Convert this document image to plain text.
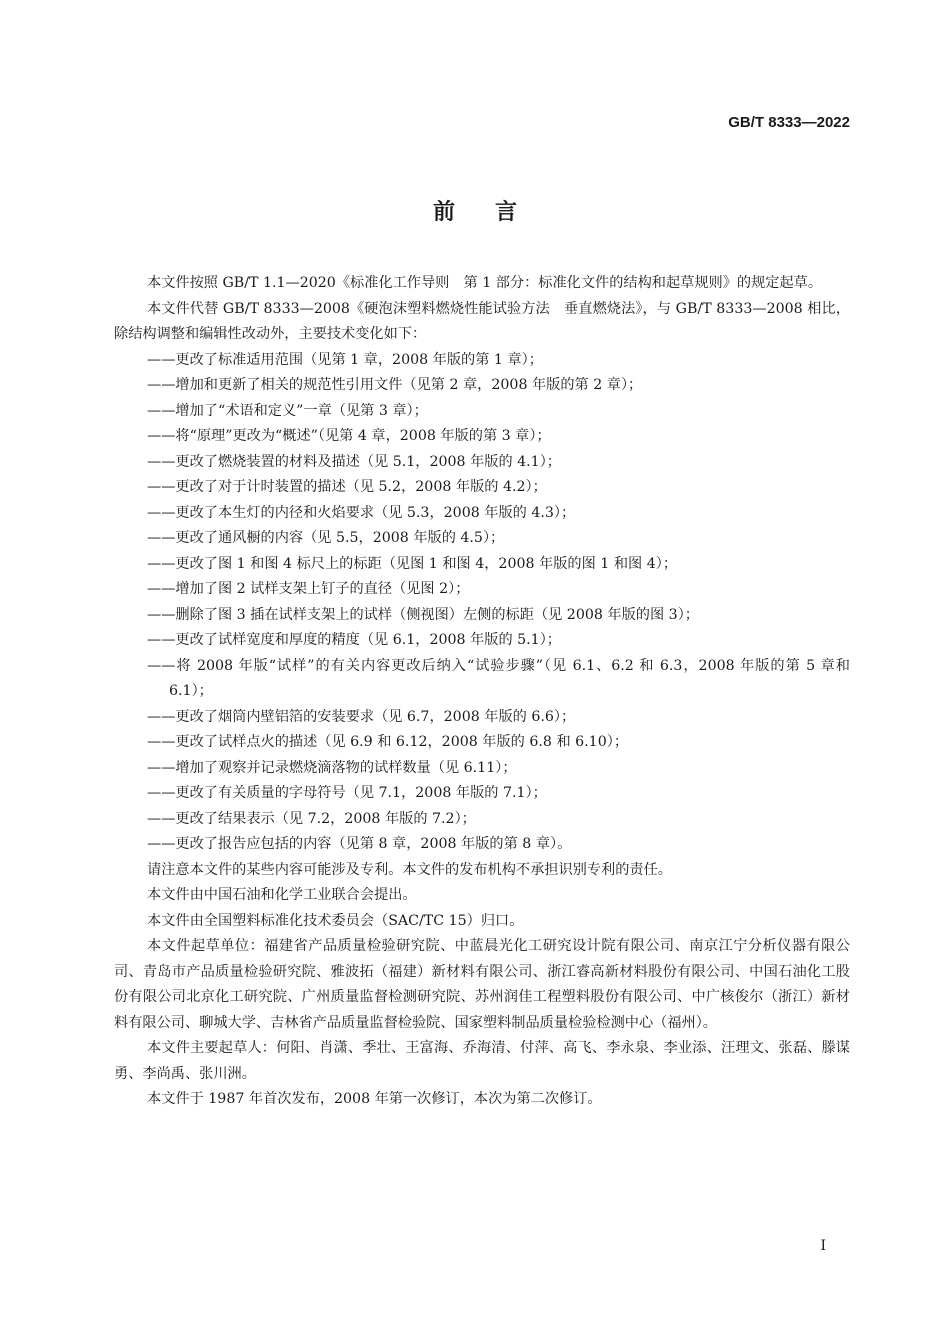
GB/T 8333—2022
前言

本文件按照 GB/T 1.1—2020《标准化工作导则　第 1 部分：标准化文件的结构和起草规则》的规定起草。

本文件代替 GB/T 8333—2008《硬泡沫塑料燃烧性能试验方法　垂直燃烧法》，与 GB/T 8333—2008 相比，除结构调整和编辑性改动外，主要技术变化如下：

——更改了标准适用范围（见第 1 章，2008 年版的第 1 章）；

——增加和更新了相关的规范性引用文件（见第 2 章，2008 年版的第 2 章）；

——增加了“术语和定义”一章（见第 3 章）；

——将“原理”更改为“概述”（见第 4 章，2008 年版的第 3 章）；

——更改了燃烧装置的材料及描述（见 5.1，2008 年版的 4.1）；

——更改了对于计时装置的描述（见 5.2，2008 年版的 4.2）；

——更改了本生灯的内径和火焰要求（见 5.3，2008 年版的 4.3）；

——更改了通风橱的内容（见 5.5，2008 年版的 4.5）；

——更改了图 1 和图 4 标尺上的标距（见图 1 和图 4，2008 年版的图 1 和图 4）；

——增加了图 2 试样支架上钉子的直径（见图 2）；

——删除了图 3 插在试样支架上的试样（侧视图）左侧的标距（见 2008 年版的图 3）；

——更改了试样宽度和厚度的精度（见 6.1，2008 年版的 5.1）；

——将 2008 年版“试样”的有关内容更改后纳入“试验步骤”（见 6.1、6.2 和 6.3，2008 年版的第 5 章和 6.1）；

——更改了烟筒内壁铝箔的安装要求（见 6.7，2008 年版的 6.6）；

——更改了试样点火的描述（见 6.9 和 6.12，2008 年版的 6.8 和 6.10）；

——增加了观察并记录燃烧滴落物的试样数量（见 6.11）；

——更改了有关质量的字母符号（见 7.1，2008 年版的 7.1）；

——更改了结果表示（见 7.2，2008 年版的 7.2）；

——更改了报告应包括的内容（见第 8 章，2008 年版的第 8 章）。

请注意本文件的某些内容可能涉及专利。本文件的发布机构不承担识别专利的责任。

本文件由中国石油和化学工业联合会提出。

本文件由全国塑料标准化技术委员会（SAC/TC 15）归口。

本文件起草单位：福建省产品质量检验研究院、中蓝晨光化工研究设计院有限公司、南京江宁分析仪器有限公司、青岛市产品质量检验研究院、雅波拓（福建）新材料有限公司、浙江睿高新材料股份有限公司、中国石油化工股份有限公司北京化工研究院、广州质量监督检测研究院、苏州润佳工程塑料股份有限公司、中广核俊尔（浙江）新材料有限公司、聊城大学、吉林省产品质量监督检验院、国家塑料制品质量检验检测中心（福州）。

本文件主要起草人：何阳、肖潇、季壮、王富海、乔海清、付萍、高飞、李永泉、李业添、汪理文、张磊、滕谋勇、李尚禹、张川洲。

本文件于 1987 年首次发布，2008 年第一次修订，本次为第二次修订。

I
